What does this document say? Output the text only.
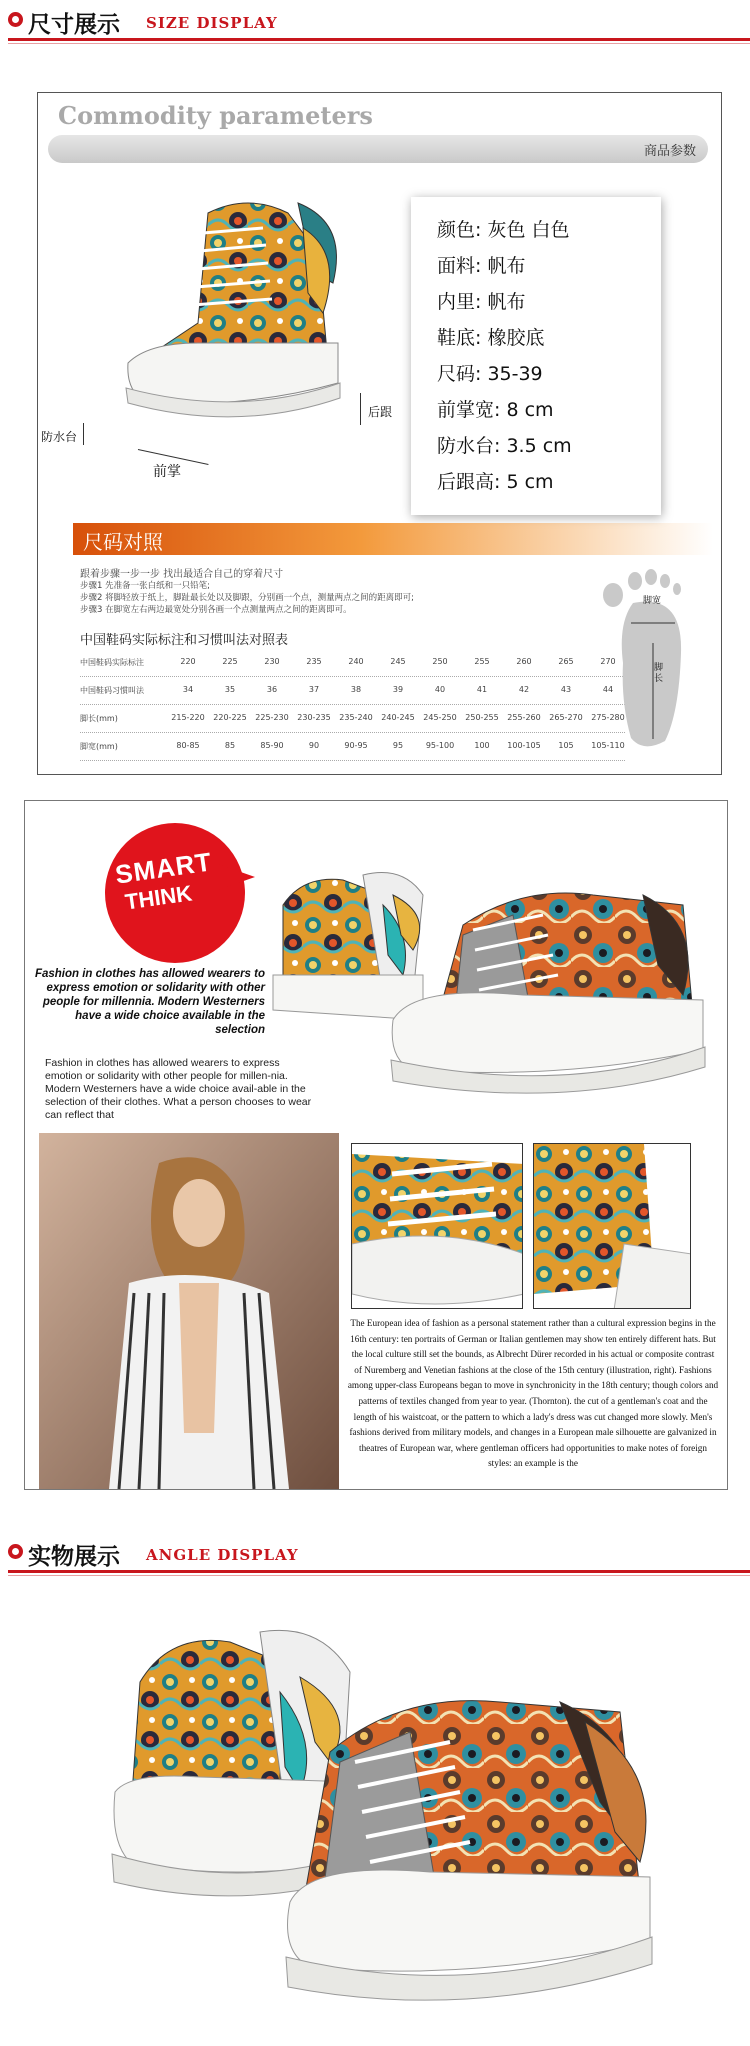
尺寸展示 SIZE DISPLAY
Commodity parameters
商品参数
后跟
防水台
前掌
颜色: 灰色 白色
面料: 帆布
内里: 帆布
鞋底: 橡胶底
尺码: 35-39
前掌宽: 8 cm
防水台: 3.5 cm
后跟高: 5 cm
尺码对照
跟着步骤一步一步 找出最适合自己的穿着尺寸
步骤1 先准备一张白纸和一只铅笔;
步骤2 将脚轻放于纸上，脚趾最长处以及脚跟，分别画一个点，测量两点之间的距离即可;
步骤3 在脚宽左右两边最宽处分别各画一个点测量两点之间的距离即可。
中国鞋码实际标注和习惯叫法对照表
中国鞋码实际标注	220	225	230	235	240	245	250	255	260	265	270
中国鞋码习惯叫法	34	35	36	37	38	39	40	41	42	43	44
脚长(mm)	215-220	220-225	225-230	230-235	235-240	240-245	245-250	250-255	255-260	265-270	275-280
脚宽(mm)	80-85	85	85-90	90	90-95	95	95-100	100	100-105	105	105-110
脚宽
脚长
SMART
THINK
Fashion in clothes has allowed wearers to express emotion or solidarity with other people for millennia. Modern Westerners have a wide choice available in the selection
Fashion in clothes has allowed wearers to express emotion or solidarity with other people for millen-nia. Modern Westerners have a wide choice avail-able in the selection of their clothes. What a person chooses to wear can reflect that
The European idea of fashion as a personal statement rather than a cultural expression begins in the 16th century: ten portraits of German or Italian gentlemen may show ten entirely different hats. But the local culture still set the bounds, as Albrecht Dürer recorded in his actual or composite contrast of Nuremberg and Venetian fashions at the close of the 15th century (illustration, right). Fashions among upper-class Europeans began to move in synchronicity in the 18th century; though colors and patterns of textiles changed from year to year. (Thornton). the cut of a gentleman's coat and the length of his waistcoat, or the pattern to which a lady's dress was cut changed more slowly. Men's fashions derived from military models, and changes in a European male silhouette are galvanized in theatres of European war, where gentleman officers had opportunities to make notes of foreign styles: an example is the
实物展示 ANGLE DISPLAY
